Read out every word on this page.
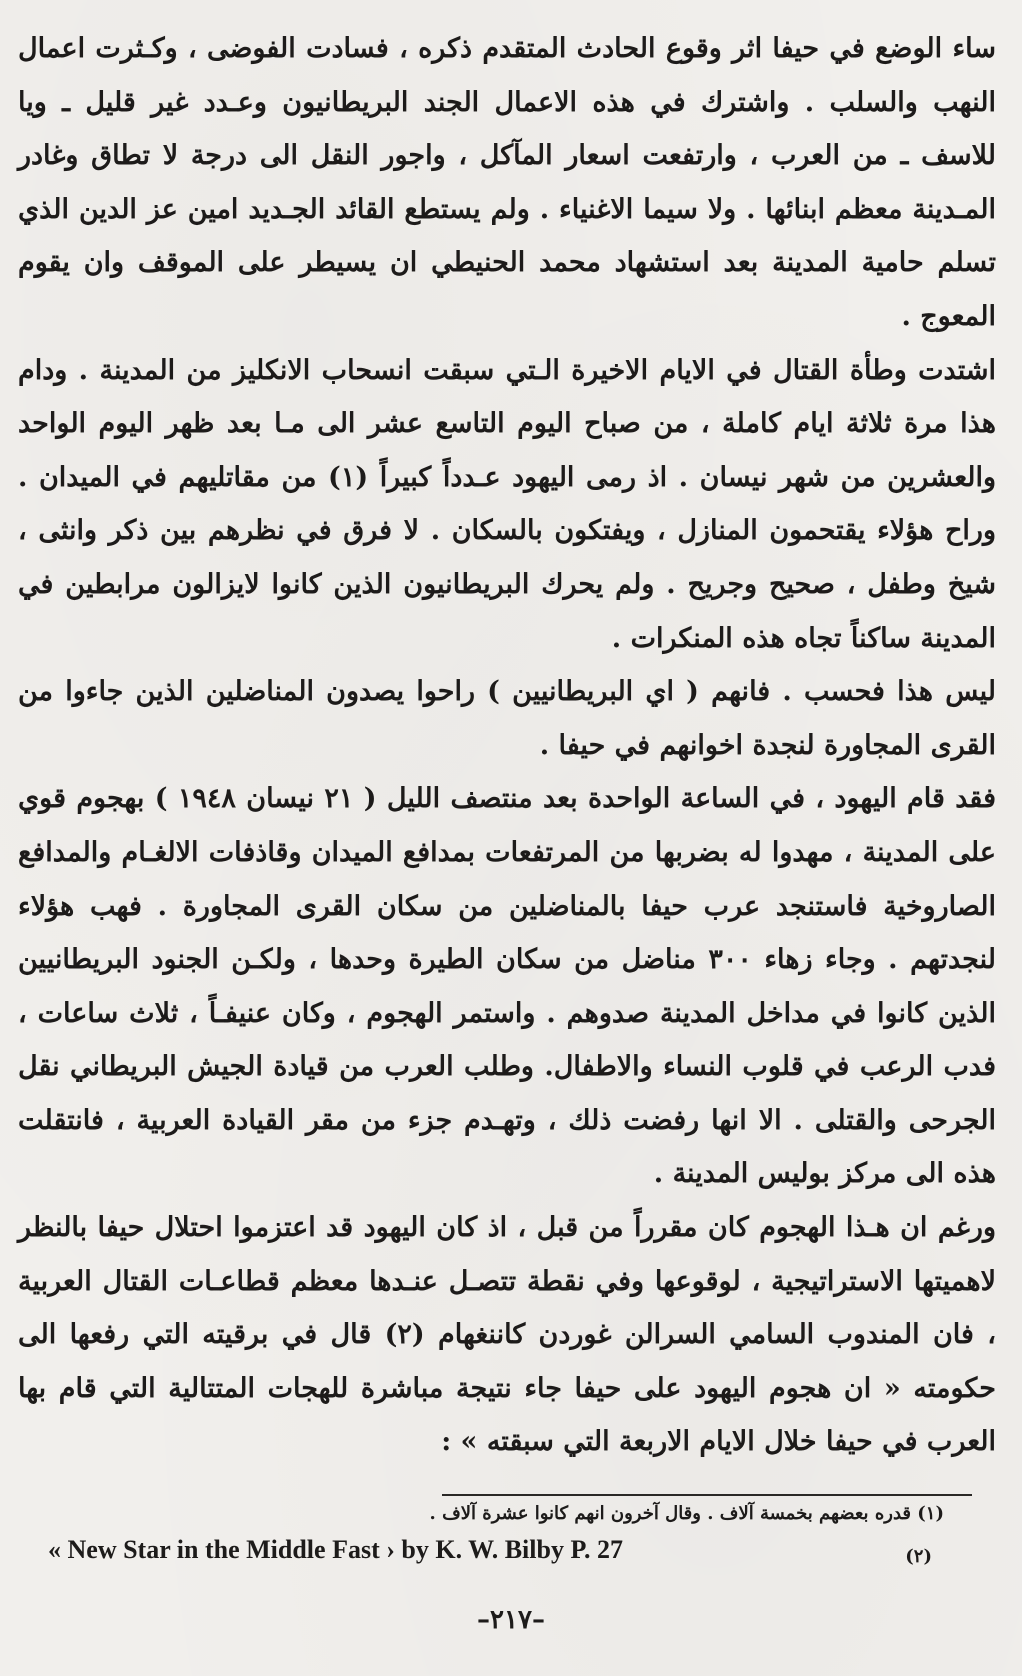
ساء الوضع في حيفا اثر وقوع الحادث المتقدم ذكره ، فسادت الفوضى ، وكـثرت اعمال النهب والسلب . واشترك في هذه الاعمال الجند البريطانيون وعـدد غير قليل ـ ويا للاسف ـ من العرب ، وارتفعت اسعار المآكل ، واجور النقل الى درجة لا تطاق وغادر المـدينة معظم ابنائها . ولا سيما الاغنياء . ولم يستطع القائد الجـديد امين عز الدين الذي تسلم حامية المدينة بعد استشهاد محمد الحنيطي ان يسيطر على الموقف وان يقوم المعوج .

اشتدت وطأة القتال في الايام الاخيرة الـتي سبقت انسحاب الانكليز من المدينة . ودام هذا مرة ثلاثة ايام كاملة ، من صباح اليوم التاسع عشر الى مـا بعد ظهر اليوم الواحد والعشرين من شهر نيسان . اذ رمى اليهود عـدداً كبيراً (١) من مقاتليهم في الميدان . وراح هؤلاء يقتحمون المنازل ، ويفتكون بالسكان . لا فرق في نظرهم بين ذكر وانثى ، شيخ وطفل ، صحيح وجريح . ولم يحرك البريطانيون الذين كانوا لايزالون مرابطين في المدينة ساكناً تجاه هذه المنكرات .

ليس هذا فحسب . فانهم ( اي البريطانيين ) راحوا يصدون المناضلين الذين جاءوا من القرى المجاورة لنجدة اخوانهم في حيفا .

فقد قام اليهود ، في الساعة الواحدة بعد منتصف الليل ( ٢١ نيسان ١٩٤٨ ) بهجوم قوي على المدينة ، مهدوا له بضربها من المرتفعات بمدافع الميدان وقاذفات الالغـام والمدافع الصاروخية فاستنجد عرب حيفا بالمناضلين من سكان القرى المجاورة . فهب هؤلاء لنجدتهم . وجاء زهاء ٣٠٠ مناضل من سكان الطيرة وحدها ، ولكـن الجنود البريطانيين الذين كانوا في مداخل المدينة صدوهم . واستمر الهجوم ، وكان عنيفـاً ، ثلاث ساعات ، فدب الرعب في قلوب النساء والاطفال. وطلب العرب من قيادة الجيش البريطاني نقل الجرحى والقتلى . الا انها رفضت ذلك ، وتهـدم جزء من مقر القيادة العربية ، فانتقلت هذه الى مركز بوليس المدينة .

ورغم ان هـذا الهجوم كان مقرراً من قبل ، اذ كان اليهود قد اعتزموا احتلال حيفا بالنظر لاهميتها الاستراتيجية ، لوقوعها وفي نقطة تتصـل عنـدها معظم قطاعـات القتال العربية ، فان المندوب السامي السرالن غوردن كاننغهام (٢) قال في برقيته التي رفعها الى حكومته « ان هجوم اليهود على حيفا جاء نتيجة مباشرة للهجات المتتالية التي قام بها العرب في حيفا خلال الايام الاربعة التي سبقته » :

(١) قدره بعضهم بخمسة آلاف . وقال آخرون انهم كانوا عشرة آلاف .
« New Star in the Middle Fast › by K. W. Bilby P. 27	(٢)
–٢١٧–
